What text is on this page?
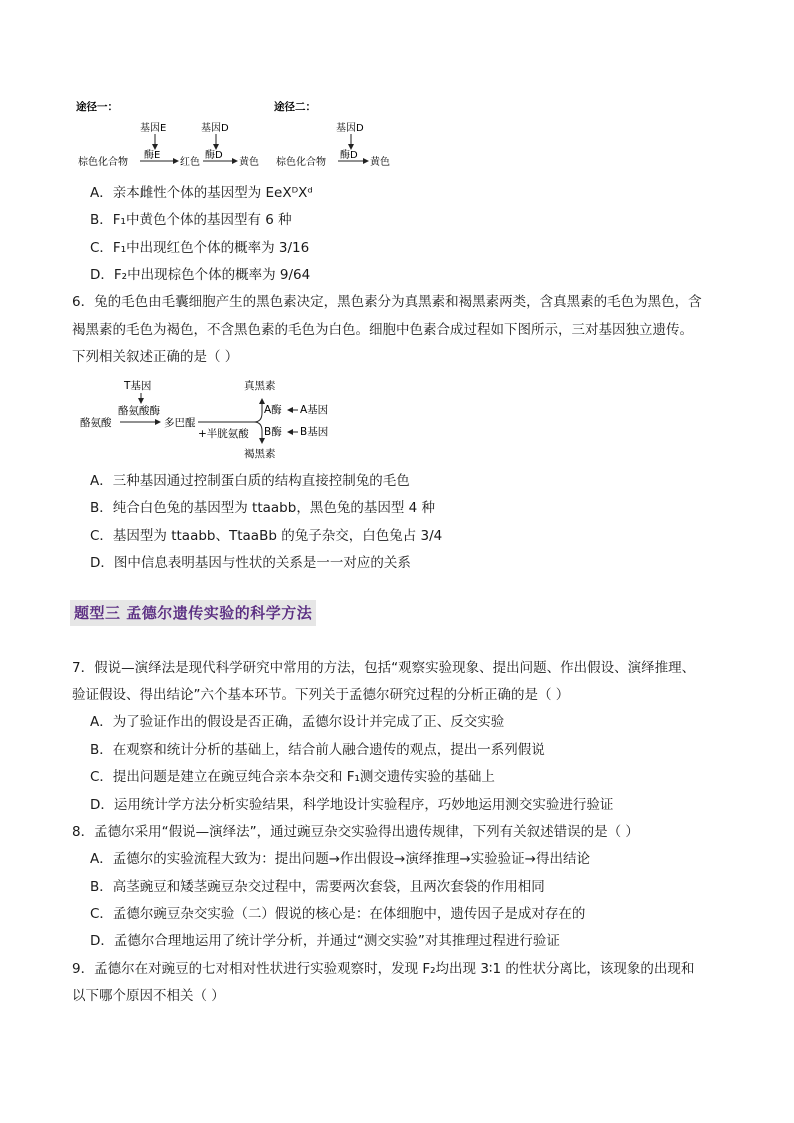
途径一：	途径二：
基因E
酶E
基因D
酶D
棕色化合物	红色	黄色
基因D
酶D
棕色化合物	黄色
A．亲本雌性个体的基因型为 EeXᴰXᵈ
B．F₁中黄色个体的基因型有 6 种
C．F₁中出现红色个体的概率为 3/16
D．F₂中出现棕色个体的概率为 9/64
6．兔的毛色由毛囊细胞产生的黑色素决定，黑色素分为真黑素和褐黑素两类，含真黑素的毛色为黑色，含
褐黑素的毛色为褐色，不含黑色素的毛色为白色。细胞中色素合成过程如下图所示，三对基因独立遗传。
下列相关叙述正确的是（ ）
T基因
酪氨酸酶
酪氨酸	多巴醌
+半胱氨酸
真黑素
褐黑素
A酶 A基因
B酶 B基因
A．三种基因通过控制蛋白质的结构直接控制兔的毛色
B．纯合白色兔的基因型为 ttaabb，黑色兔的基因型 4 种
C．基因型为 ttaabb、TtaaBb 的兔子杂交，白色兔占 3/4
D．图中信息表明基因与性状的关系是一一对应的关系
题型三 孟德尔遗传实验的科学方法
7．假说—演绎法是现代科学研究中常用的方法，包括“观察实验现象、提出问题、作出假设、演绎推理、
验证假设、得出结论”六个基本环节。下列关于孟德尔研究过程的分析正确的是（ ）
A．为了验证作出的假设是否正确，孟德尔设计并完成了正、反交实验
B．在观察和统计分析的基础上，结合前人融合遗传的观点，提出一系列假说
C．提出问题是建立在豌豆纯合亲本杂交和 F₁测交遗传实验的基础上
D．运用统计学方法分析实验结果，科学地设计实验程序，巧妙地运用测交实验进行验证
8．孟德尔采用“假说—演绎法”，通过豌豆杂交实验得出遗传规律，下列有关叙述错误的是（ ）
A．孟德尔的实验流程大致为：提出问题→作出假设→演绎推理→实验验证→得出结论
B．高茎豌豆和矮茎豌豆杂交过程中，需要两次套袋，且两次套袋的作用相同
C．孟德尔豌豆杂交实验（二）假说的核心是：在体细胞中，遗传因子是成对存在的
D．孟德尔合理地运用了统计学分析，并通过“测交实验”对其推理过程进行验证
9．孟德尔在对豌豆的七对相对性状进行实验观察时，发现 F₂均出现 3∶1 的性状分离比，该现象的出现和
以下哪个原因不相关（ ）
